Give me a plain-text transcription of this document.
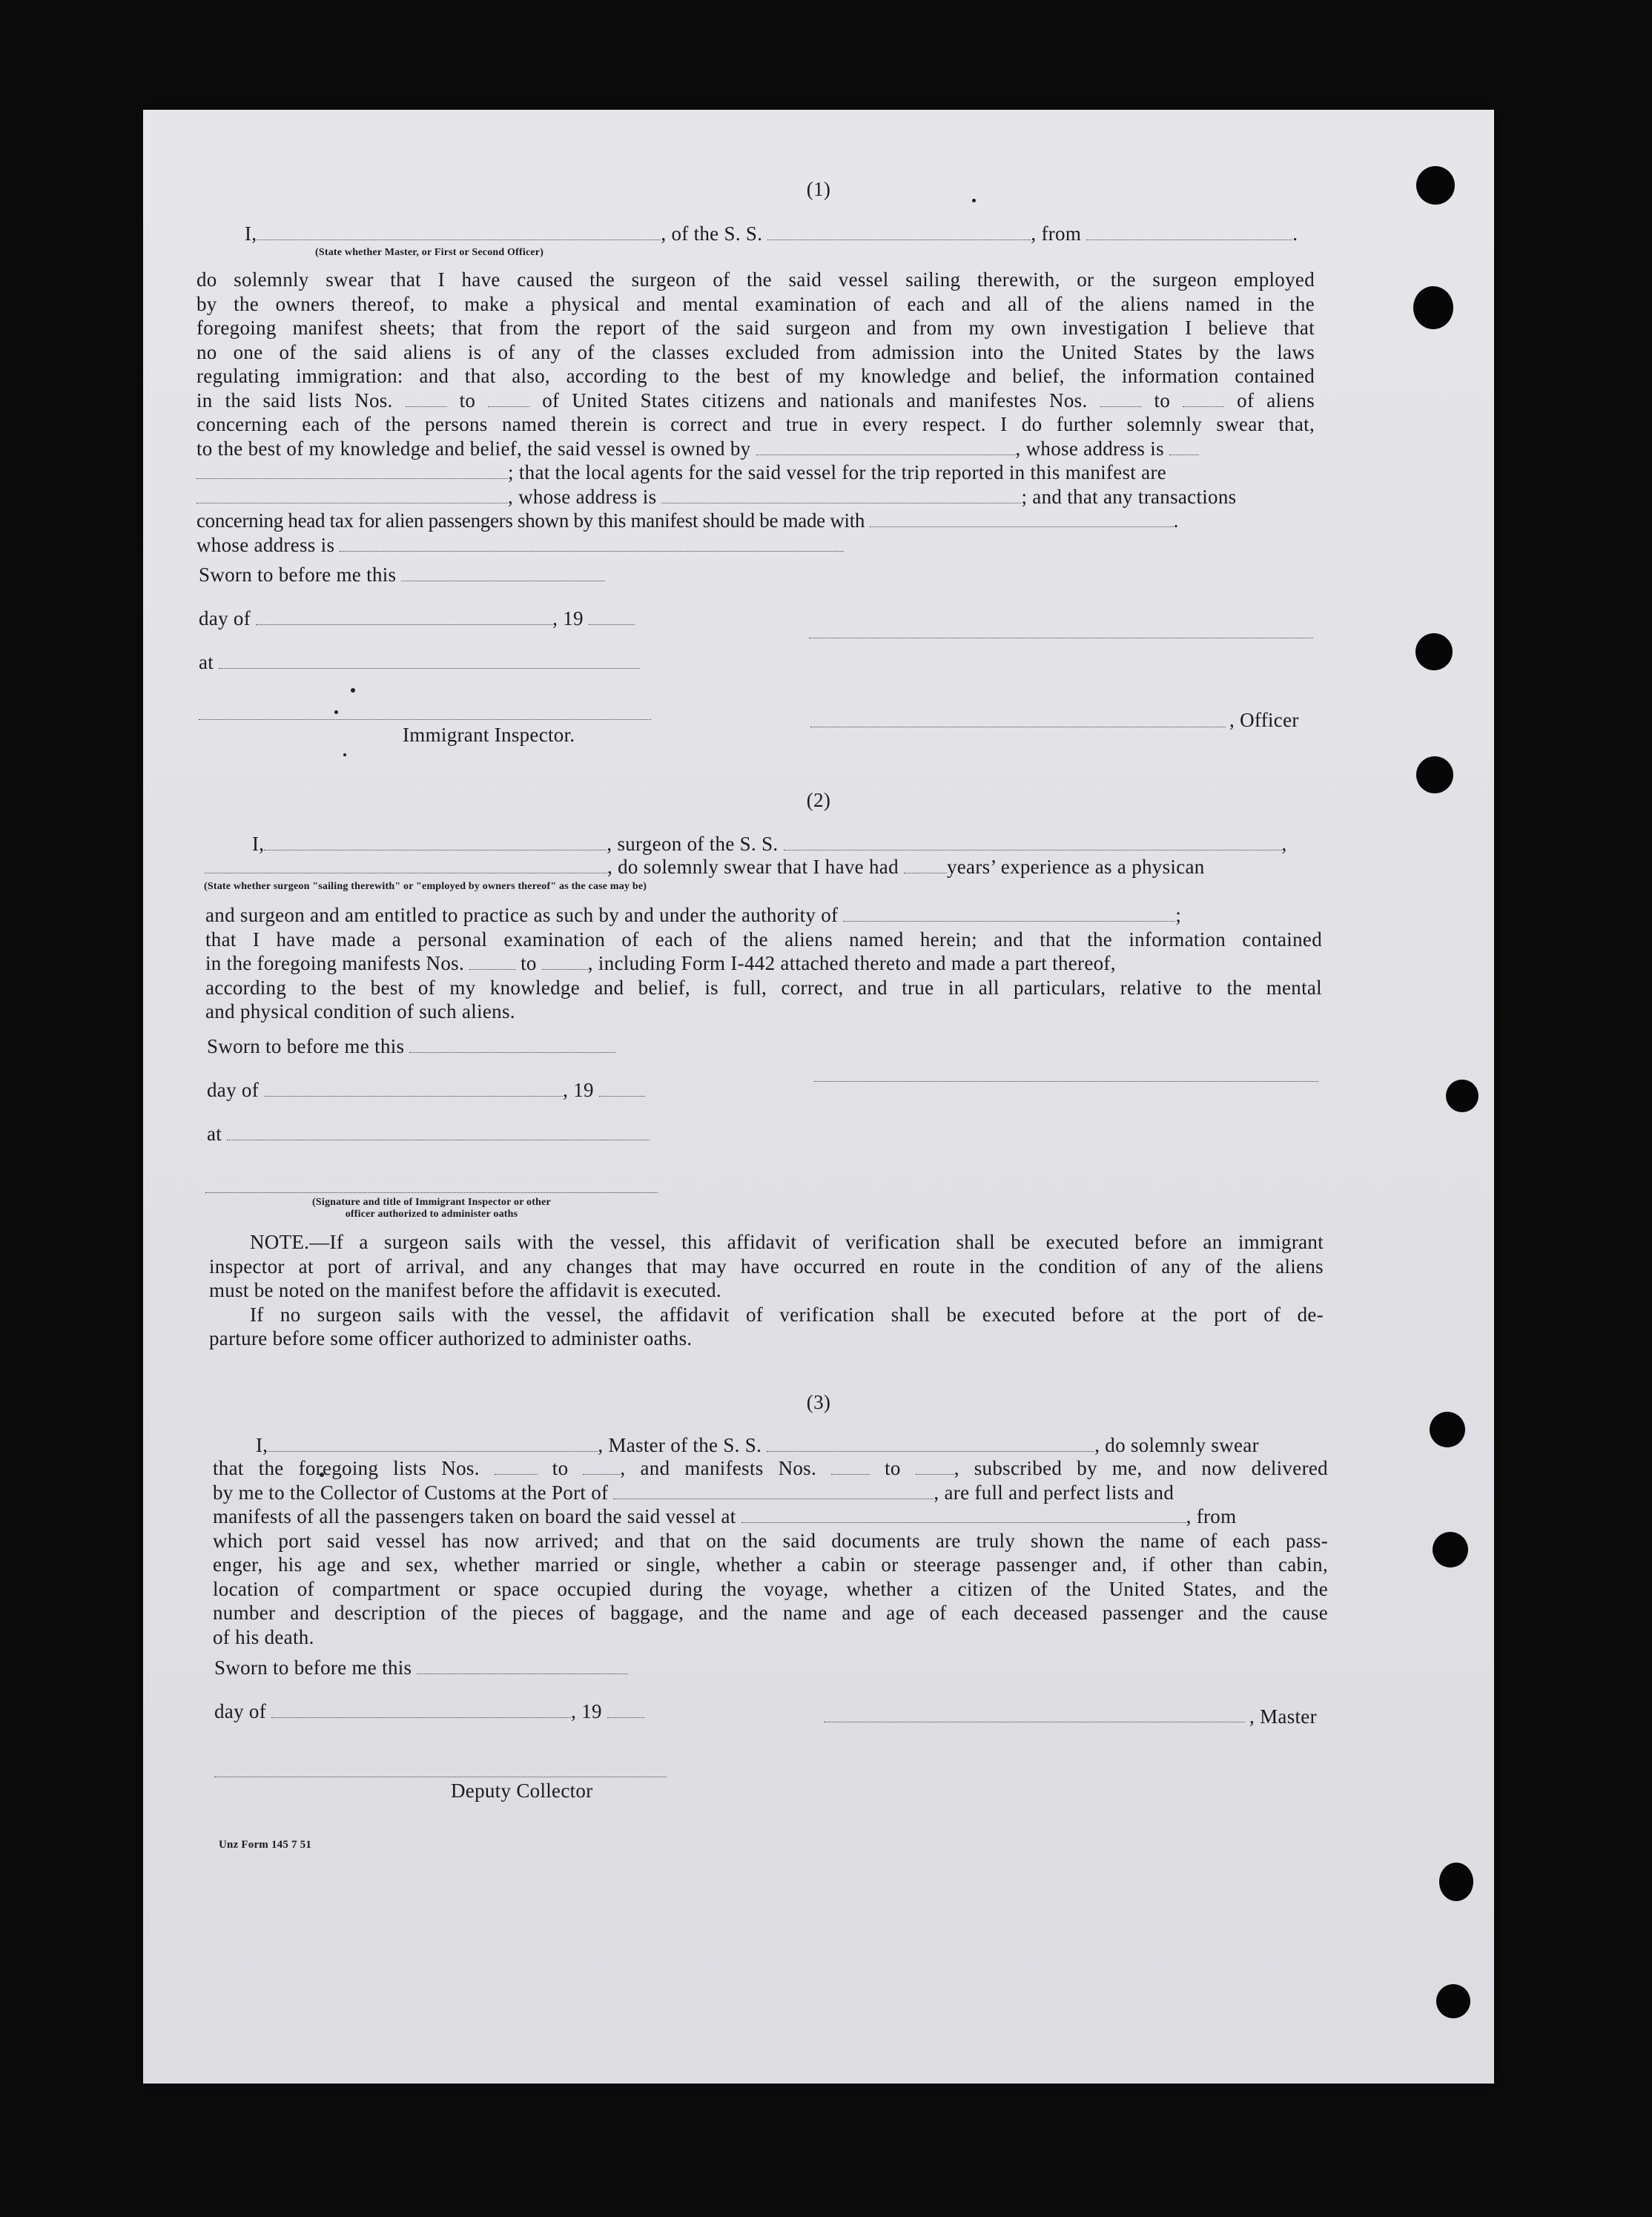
(1)
I,	, of the S. S.	, from	.
(State whether Master, or First or Second Officer)
do solemnly swear that I have caused the surgeon of the said vessel sailing therewith, or the surgeon employed
by the owners thereof, to make a physical and mental examination of each and all of the aliens named in the
foregoing manifest sheets; that from the report of the said surgeon and from my own investigation I believe that
no one of the said aliens is of any of the classes excluded from admission into the United States by the laws
regulating immigration: and that also, according to the best of my knowledge and belief, the information contained
in the said lists Nos.	to	of United States citizens and nationals and manifestes Nos.	to	of aliens
concerning each of the persons named therein is correct and true in every respect. I do further solemnly swear that,
to the best of my knowledge and belief, the said vessel is owned by	, whose address is
; that the local agents for the said vessel for the trip reported in this manifest are
, whose address is	; and that any transactions
concerning head tax for alien passengers shown by this manifest should be made with	.
whose address is
Sworn to before me this
day of	, 19
at
Immigrant Inspector.
, Officer
(2)
I,	, surgeon of the S. S.	,
, do solemnly swear that I have had years’ experience as a physican
(State whether surgeon "sailing therewith" or "employed by owners thereof" as the case may be)
and surgeon and am entitled to practice as such by and under the authority of	;
that I have made a personal examination of each of the aliens named herein; and that the information contained
in the foregoing manifests Nos.	to	, including Form I-442 attached thereto and made a part thereof,
according to the best of my knowledge and belief, is full, correct, and true in all particulars, relative to the mental
and physical condition of such aliens.
Sworn to before me this
day of	, 19
at
(Signature and title of Immigrant Inspector or other
officer authorized to administer oaths
NOTE.—If a surgeon sails with the vessel, this affidavit of verification shall be executed before an immigrant
inspector at port of arrival, and any changes that may have occurred en route in the condition of any of the aliens
must be noted on the manifest before the affidavit is executed.
If no surgeon sails with the vessel, the affidavit of verification shall be executed before at the port of de-
parture before some officer authorized to administer oaths.
(3)
I,	, Master of the S. S.	, do solemnly swear
that the foregoing lists Nos.	to	, and manifests Nos.	to	, subscribed by me, and now delivered
by me to the Collector of Customs at the Port of	, are full and perfect lists and
manifests of all the passengers taken on board the said vessel at	, from
which port said vessel has now arrived; and that on the said documents are truly shown the name of each pass-
enger, his age and sex, whether married or single, whether a cabin or steerage passenger and, if other than cabin,
location of compartment or space occupied during the voyage, whether a citizen of the United States, and the
number and description of the pieces of baggage, and the name and age of each deceased passenger and the cause
of his death.
Sworn to before me this
day of	, 19	, Master
Deputy Collector
Unz Form 145 7 51
